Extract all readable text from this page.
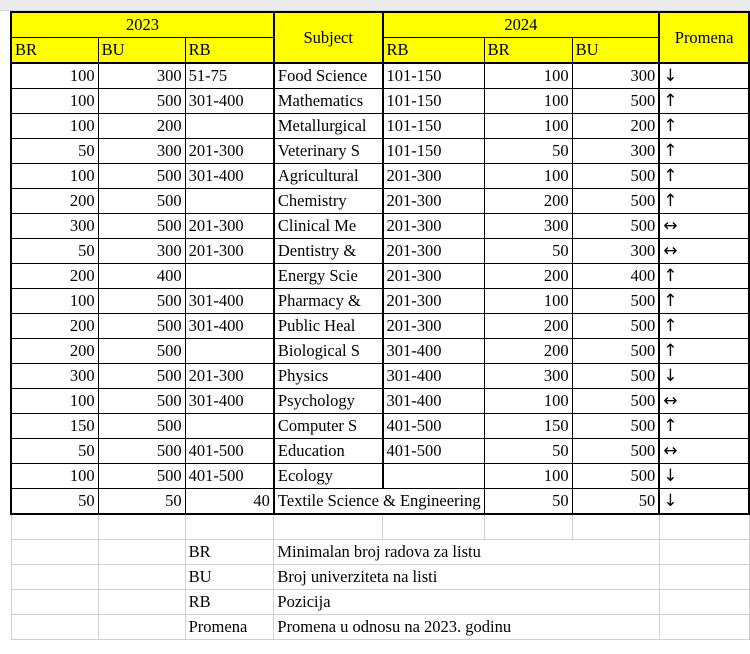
2023			Subject	2024			Promena
BR	BU	RB		RB	BR	BU	
100	300	51-75	Food Science	101-150	100	300	↓
100	500	301-400	Mathematics	101-150	100	500	↑
100	200		Metallurgical	101-150	100	200	↑
50	300	201-300	Veterinary S	101-150	50	300	↑
100	500	301-400	Agricultural	201-300	100	500	↑
200	500		Chemistry	201-300	200	500	↑
300	500	201-300	Clinical Me	201-300	300	500	↔
50	300	201-300	Dentistry &	201-300	50	300	↔
200	400		Energy Scie	201-300	200	400	↑
100	500	301-400	Pharmacy &	201-300	100	500	↑
200	500	301-400	Public Heal	201-300	200	500	↑
200	500		Biological S	301-400	200	500	↑
300	500	201-300	Physics	301-400	300	500	↓
100	500	301-400	Psychology	301-400	100	500	↔
150	500		Computer S	401-500	150	500	↑
50	500	401-500	Education	401-500	50	500	↔
100	500	401-500	Ecology		100	500	↓
50	50	40	Textile Science & Engineering		50	50	↓

		BR	Minimalan broj radova za listu				
		BU	Broj univerziteta na listi				
		RB	Pozicija				
		Promena	Promena u odnosu na 2023. godinu				
